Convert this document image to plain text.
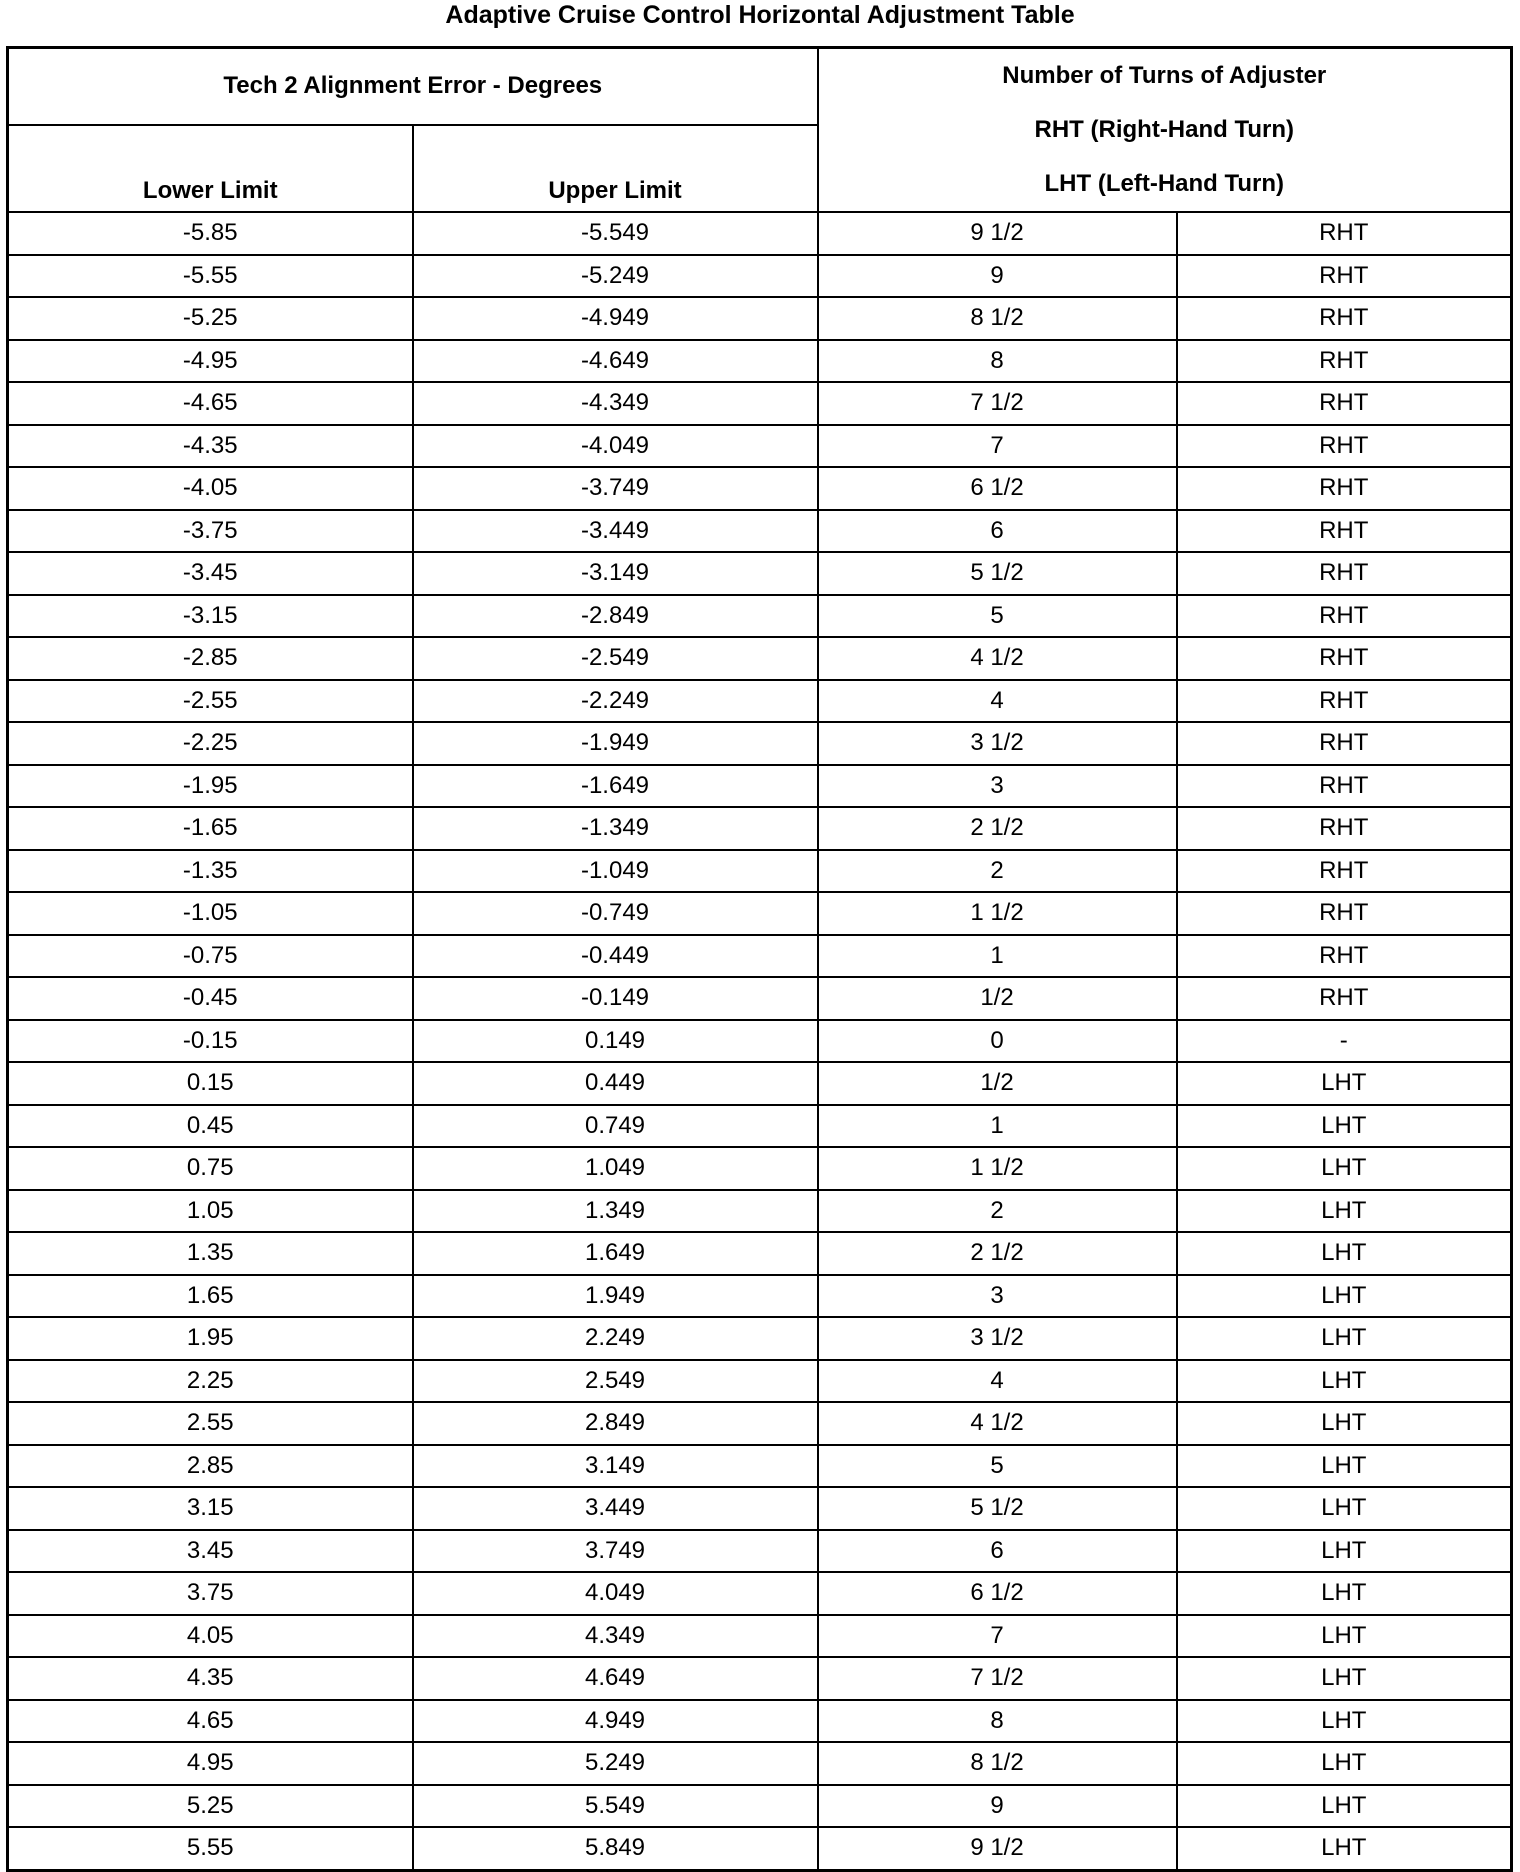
Adaptive Cruise Control Horizontal Adjustment Table
Tech 2 Alignment Error - Degrees		Number of Turns of Adjuster
RHT (Right-Hand Turn)
LHT (Left-Hand Turn)	

Lower Limit	Upper Limit		
-5.85	-5.549	9 1/2	RHT
-5.55	-5.249	9	RHT
-5.25	-4.949	8 1/2	RHT
-4.95	-4.649	8	RHT
-4.65	-4.349	7 1/2	RHT
-4.35	-4.049	7	RHT
-4.05	-3.749	6 1/2	RHT
-3.75	-3.449	6	RHT
-3.45	-3.149	5 1/2	RHT
-3.15	-2.849	5	RHT
-2.85	-2.549	4 1/2	RHT
-2.55	-2.249	4	RHT
-2.25	-1.949	3 1/2	RHT
-1.95	-1.649	3	RHT
-1.65	-1.349	2 1/2	RHT
-1.35	-1.049	2	RHT
-1.05	-0.749	1 1/2	RHT
-0.75	-0.449	1	RHT
-0.45	-0.149	1/2	RHT
-0.15	0.149	0	-
0.15	0.449	1/2	LHT
0.45	0.749	1	LHT
0.75	1.049	1 1/2	LHT
1.05	1.349	2	LHT
1.35	1.649	2 1/2	LHT
1.65	1.949	3	LHT
1.95	2.249	3 1/2	LHT
2.25	2.549	4	LHT
2.55	2.849	4 1/2	LHT
2.85	3.149	5	LHT
3.15	3.449	5 1/2	LHT
3.45	3.749	6	LHT
3.75	4.049	6 1/2	LHT
4.05	4.349	7	LHT
4.35	4.649	7 1/2	LHT
4.65	4.949	8	LHT
4.95	5.249	8 1/2	LHT
5.25	5.549	9	LHT
5.55	5.849	9 1/2	LHT
